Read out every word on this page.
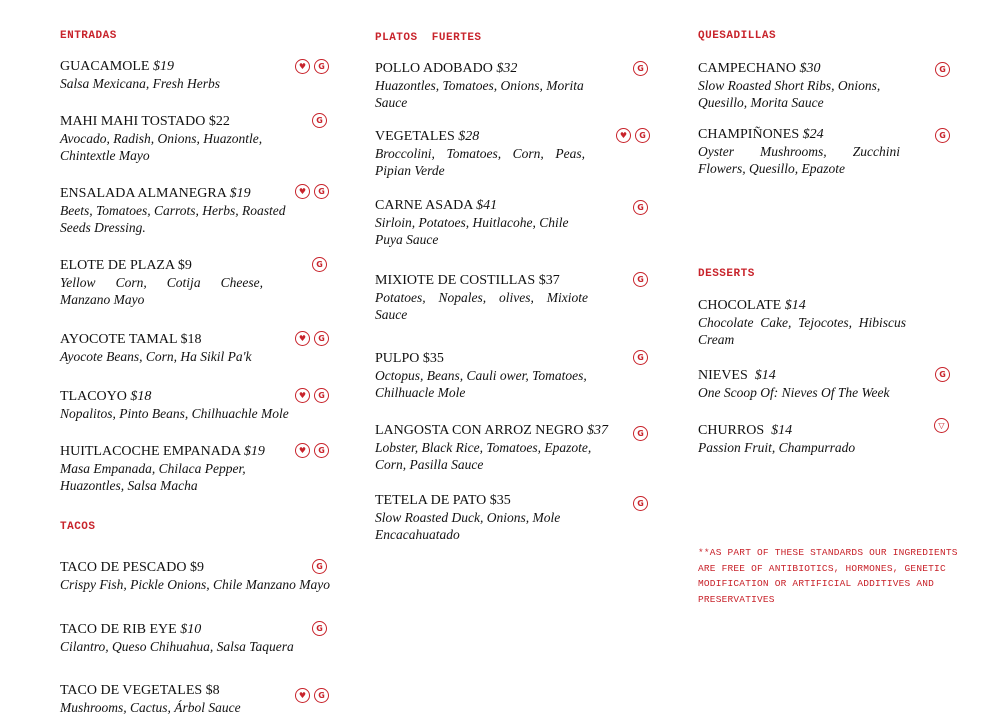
ENTRADAS
GUACAMOLE $19
Salsa Mexicana, Fresh Herbs
♥	G
MAHI MAHI TOSTADO $22
Avocado, Radish, Onions, Huazontle, Chintextle Mayo
G
ENSALADA ALMANEGRA $19
Beets, Tomatoes, Carrots, Herbs, Roasted Seeds Dressing.
♥	G
ELOTE DE PLAZA $9
Yellow Corn, Cotija Cheese, Manzano Mayo
G
AYOCOTE TAMAL $18
Ayocote Beans, Corn, Ha Sikil Pa'k
♥	G
TLACOYO $18
Nopalitos, Pinto Beans, Chilhuachle Mole
♥	G
HUITLACOCHE EMPANADA $19
Masa Empanada, Chilaca Pepper, Huazontles, Salsa Macha
♥	G
TACOS
TACO DE PESCADO $9
Crispy Fish, Pickle Onions, Chile Manzano Mayo
G
TACO DE RIB EYE $10
Cilantro, Queso Chihuahua, Salsa Taquera
G
TACO DE VEGETALES $8
Mushrooms, Cactus, Árbol Sauce
♥	G
PLATOS  FUERTES
POLLO ADOBADO $32
Huazontles, Tomatoes, Onions, Morita Sauce
G
VEGETALES $28
Broccolini, Tomatoes, Corn, Peas, Pipian Verde
♥	G
CARNE ASADA $41
Sirloin, Potatoes, Huitlacohe, Chile  Puya Sauce
G
MIXIOTE DE COSTILLAS $37
Potatoes, Nopales, olives, Mixiote Sauce
G
PULPO $35
Octopus, Beans, Cauli ower, Tomatoes, Chilhuacle Mole
G
LANGOSTA CON ARROZ NEGRO $37
Lobster, Black Rice, Tomatoes, Epazote, Corn, Pasilla Sauce
G
TETELA DE PATO $35
Slow Roasted Duck, Onions, Mole Encacahuatado
G
QUESADILLAS
CAMPECHANO $30
Slow Roasted Short Ribs, Onions, Quesillo, Morita Sauce
G
CHAMPIÑONES $24
Oyster Mushrooms, Zucchini Flowers, Quesillo, Epazote
G
DESSERTS
CHOCOLATE $14
Chocolate Cake, Tejocotes, Hibiscus Cream
NIEVES $14
One Scoop Of: Nieves Of The Week
G
CHURROS $14
Passion Fruit, Champurrado
▽
**AS PART OF THESE STANDARDS OUR INGREDIENTS ARE FREE OF ANTIBIOTICS, HORMONES, GENETIC MODIFICATION OR ARTIFICIAL ADDITIVES AND PRESERVATIVES
